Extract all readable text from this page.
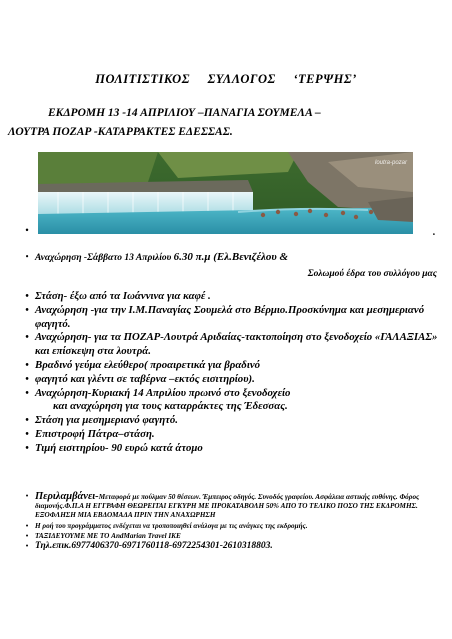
ΠΟΛΙΤΙΣΤΙΚΟΣ ΣΥΛΛΟΓΟΣ ‘ΤΕΡΨΗΣ’
ΕΚΔΡΟΜΗ 13 -14 ΑΠΡΙΛΙΟΥ –ΠΑΝΑΓΙΑ ΣΟΥΜΕΛΑ –
ΛΟΥΤΡΑ ΠΟΖΑΡ -ΚΑΤΑΡΡΑΚΤΕΣ ΕΔΕΣΣΑΣ.
loutra-pozar
•	.
• Αναχώρηση -Σάββατο 13 Απριλίου 6.30 π.μ (Ελ.Βενιζέλου &
Σολωμού έδρα του συλλόγου μας
• Στάση- έξω από τα Ιωάννινα για καφέ .
• Αναχώρηση -για την Ι.Μ.Παναγίας Σουμελά στο Βέρμιο.Προσκύνημα και μεσημεριανό φαγητό.
• Αναχώρηση- για τα ΠΟΖΑΡ-Λουτρά Αριδαίας-τακτοποίηση στο ξενοδοχείο «ΓΑΛΑΞΙΑΣ» και επίσκεψη στα λουτρά.
• Βραδινό γεύμα ελεύθερο( προαιρετικά για βραδινό
• φαγητό και γλέντι σε ταβέρνα –εκτός εισιτηρίου).
• Αναχώρηση-Κυριακή 14 Απριλίου πρωινό στο ξενοδοχείο
και αναχώρηση για τους καταρράκτες της Έδεσσας.
• Στάση για μεσημεριανό φαγητό.
• Επιστροφή Πάτρα–στάση.
• Τιμή εισιτηρίου- 90 ευρώ κατά άτομο
• Περιλαμβάνει-Μεταφορά με πούλμαν 50 θέσεων. Έμπειρος οδηγός. Συνοδός γραφείου. Ασφάλεια αστικής ευθύνης. Φόρος διαμονής.Φ.Π.Α Η ΕΓΓΡΑΦΗ ΘΕΩΡΕΙΤΑΙ ΕΓΚΥΡΗ ΜΕ ΠΡΟΚΑΤΑΒΟΛΗ 50% ΑΠΟ ΤΟ ΤΕΛΙΚΟ ΠΟΣΟ ΤΗΣ ΕΚΔΡΟΜΗΣ. ΕΞΟΦΛΗΣΗ ΜΙΑ ΕΒΔΟΜΑΔΑ ΠΡΙΝ ΤΗΝ ΑΝΑΧΩΡΗΣΗ
• Η ροή του προγράμματος ενδέχεται να τροποποιηθεί ανάλογα με τις ανάγκες της εκδρομής.
• ΤΑΞΙΔΕΥΟΥΜΕ ΜΕ ΤΟ AndMarian Travel IKE
• Τηλ.επικ.6977406370-6971760118-6972254301-2610318803.
